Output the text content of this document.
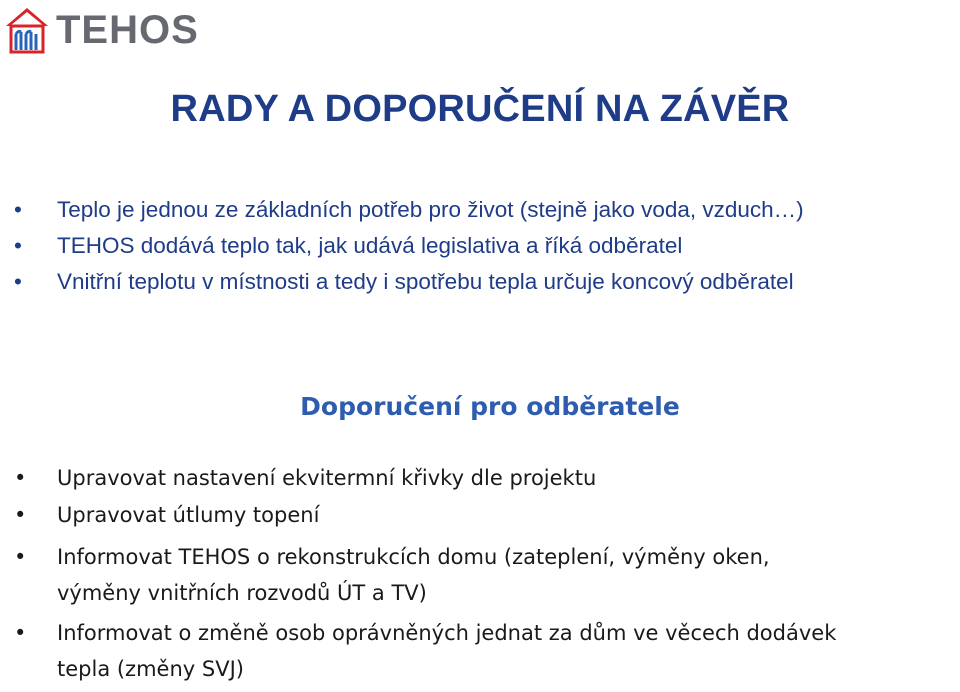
TEHOS
RADY A DOPORUČENÍ NA ZÁVĚR
• Teplo je jednou ze základních potřeb pro život (stejně jako voda, vzduch…)
• TEHOS dodává teplo tak, jak udává legislativa a říká odběratel
• Vnitřní teplotu v místnosti a tedy i spotřebu tepla určuje koncový odběratel
Doporučení pro odběratele
• Upravovat nastavení ekvitermní křivky dle projektu
• Upravovat útlumy topení
• Informovat TEHOS o rekonstrukcích domu (zateplení, výměny oken,
výměny vnitřních rozvodů ÚT a TV)
• Informovat o změně osob oprávněných jednat za dům ve věcech dodávek
tepla (změny SVJ)
